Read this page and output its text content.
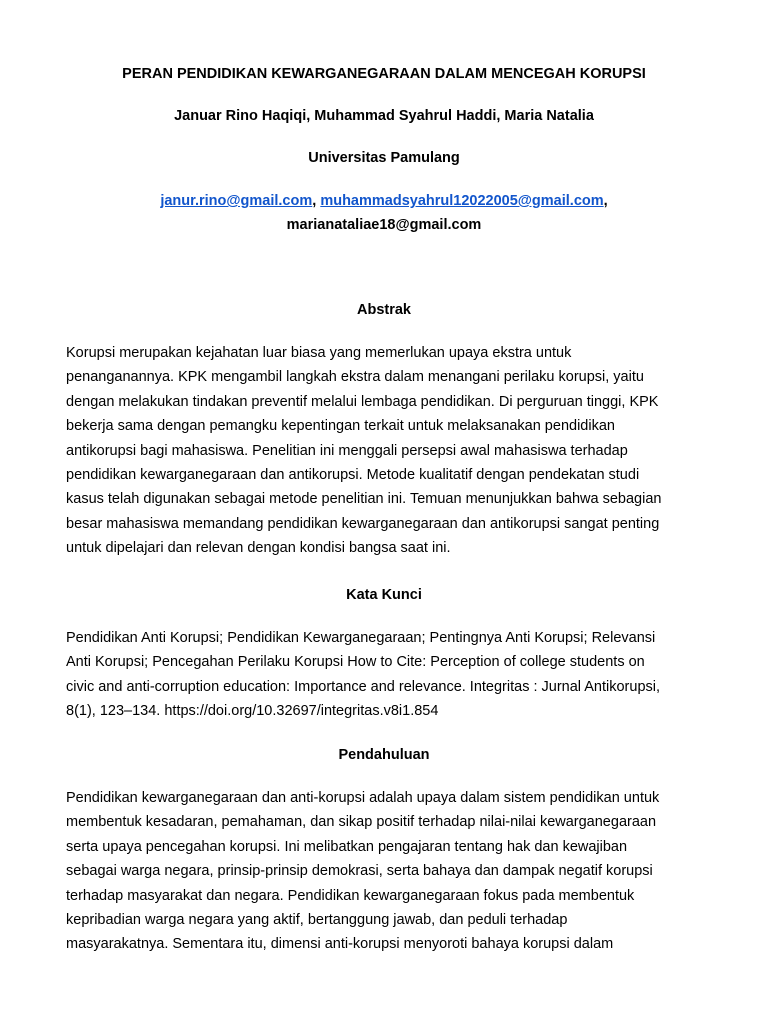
PERAN PENDIDIKAN KEWARGANEGARAAN DALAM MENCEGAH KORUPSI
Januar Rino Haqiqi, Muhammad Syahrul Haddi, Maria Natalia
Universitas Pamulang
janur.rino@gmail.com, muhammadsyahrul12022005@gmail.com,
marianataliae18@gmail.com
Abstrak
Korupsi merupakan kejahatan luar biasa yang memerlukan upaya ekstra untuk
penanganannya. KPK mengambil langkah ekstra dalam menangani perilaku korupsi, yaitu
dengan melakukan tindakan preventif melalui lembaga pendidikan. Di perguruan tinggi, KPK
bekerja sama dengan pemangku kepentingan terkait untuk melaksanakan pendidikan
antikorupsi bagi mahasiswa. Penelitian ini menggali persepsi awal mahasiswa terhadap
pendidikan kewarganegaraan dan antikorupsi. Metode kualitatif dengan pendekatan studi
kasus telah digunakan sebagai metode penelitian ini. Temuan menunjukkan bahwa sebagian
besar mahasiswa memandang pendidikan kewarganegaraan dan antikorupsi sangat penting
untuk dipelajari dan relevan dengan kondisi bangsa saat ini.
Kata Kunci
Pendidikan Anti Korupsi; Pendidikan Kewarganegaraan; Pentingnya Anti Korupsi; Relevansi
Anti Korupsi; Pencegahan Perilaku Korupsi How to Cite: Perception of college students on
civic and anti-corruption education: Importance and relevance. Integritas : Jurnal Antikorupsi,
8(1), 123–134. https://doi.org/10.32697/integritas.v8i1.854
Pendahuluan
Pendidikan kewarganegaraan dan anti-korupsi adalah upaya dalam sistem pendidikan untuk
membentuk kesadaran, pemahaman, dan sikap positif terhadap nilai-nilai kewarganegaraan
serta upaya pencegahan korupsi. Ini melibatkan pengajaran tentang hak dan kewajiban
sebagai warga negara, prinsip-prinsip demokrasi, serta bahaya dan dampak negatif korupsi
terhadap masyarakat dan negara. Pendidikan kewarganegaraan fokus pada membentuk
kepribadian warga negara yang aktif, bertanggung jawab, dan peduli terhadap
masyarakatnya. Sementara itu, dimensi anti-korupsi menyoroti bahaya korupsi dalam
